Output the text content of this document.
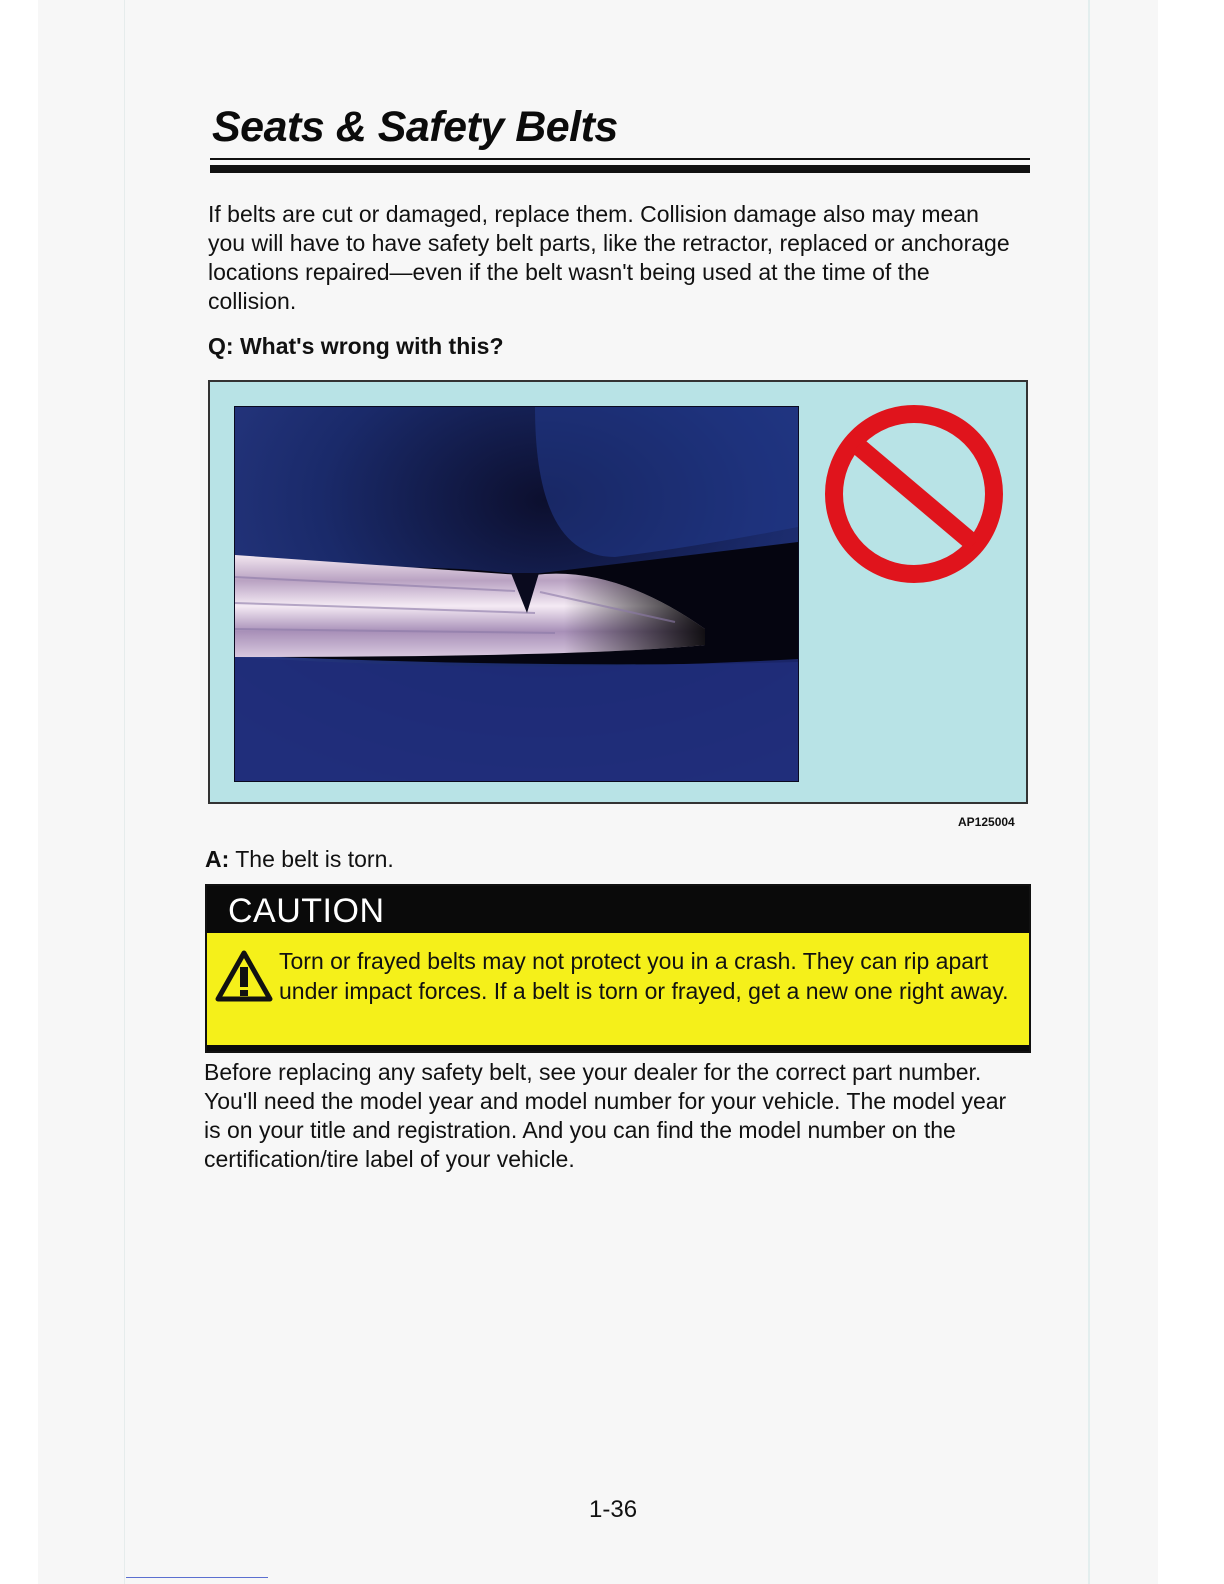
Seats & Safety Belts

If belts are cut or damaged, replace them. Collision damage also may mean you will have to have safety belt parts, like the retractor, replaced or anchorage locations repaired—even if the belt wasn't being used at the time of the collision.

Q: What's wrong with this?
AP125004
A: The belt is torn.
CAUTION

Torn or frayed belts may not protect you in a crash. They can rip apart under impact forces. If a belt is torn or frayed, get a new one right away.

Before replacing any safety belt, see your dealer for the correct part number. You'll need the model year and model number for your vehicle. The model year is on your title and registration. And you can find the model number on the certification/tire label of your vehicle.

1-36
